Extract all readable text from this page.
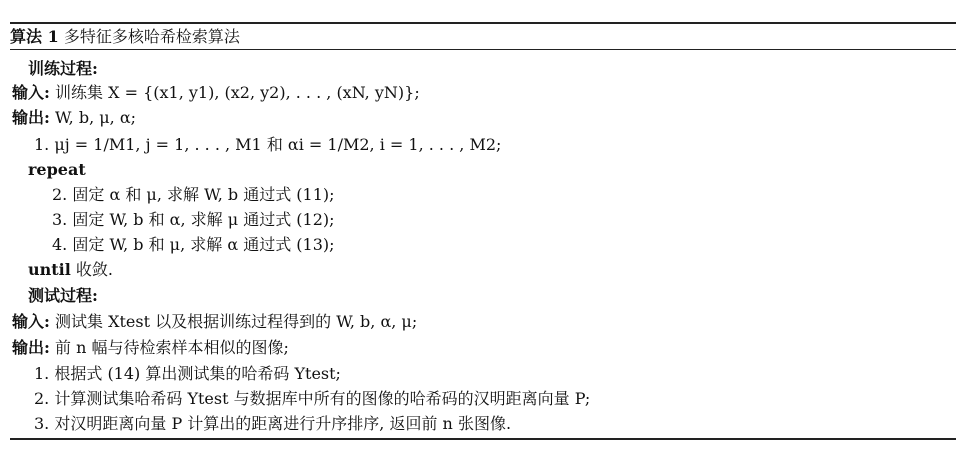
算法 1 多特征多核哈希检索算法
训练过程:
输入: 训练集 X = {(x1, y1), (x2, y2), . . . , (xN, yN)};
输出: W, b, μ, α;
1. μj = 1/M1, j = 1, . . . , M1 和 αi = 1/M2, i = 1, . . . , M2;
repeat
2. 固定 α 和 μ, 求解 W, b 通过式 (11);
3. 固定 W, b 和 α, 求解 μ 通过式 (12);
4. 固定 W, b 和 μ, 求解 α 通过式 (13);
until 收敛.
测试过程:
输入: 测试集 Xtest 以及根据训练过程得到的 W, b, α, μ;
输出: 前 n 幅与待检索样本相似的图像;
1. 根据式 (14) 算出测试集的哈希码 Ytest;
2. 计算测试集哈希码 Ytest 与数据库中所有的图像的哈希码的汉明距离向量 P;
3. 对汉明距离向量 P 计算出的距离进行升序排序, 返回前 n 张图像.
